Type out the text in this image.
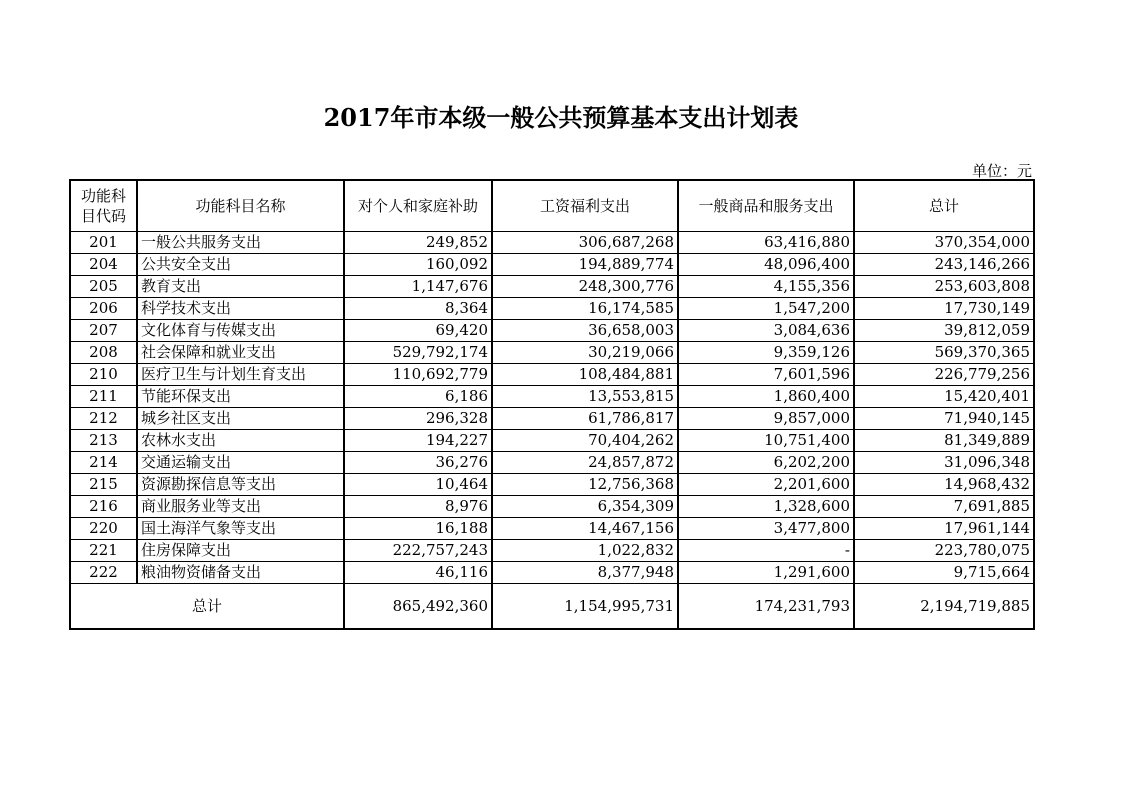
2017年市本级一般公共预算基本支出计划表
单位：元
功能科
目代码	功能科目名称	对个人和家庭补助	工资福利支出	一般商品和服务支出	总计
201	一般公共服务支出	249,852	306,687,268	63,416,880	370,354,000
204	公共安全支出	160,092	194,889,774	48,096,400	243,146,266
205	教育支出	1,147,676	248,300,776	4,155,356	253,603,808
206	科学技术支出	8,364	16,174,585	1,547,200	17,730,149
207	文化体育与传媒支出	69,420	36,658,003	3,084,636	39,812,059
208	社会保障和就业支出	529,792,174	30,219,066	9,359,126	569,370,365
210	医疗卫生与计划生育支出	110,692,779	108,484,881	7,601,596	226,779,256
211	节能环保支出	6,186	13,553,815	1,860,400	15,420,401
212	城乡社区支出	296,328	61,786,817	9,857,000	71,940,145
213	农林水支出	194,227	70,404,262	10,751,400	81,349,889
214	交通运输支出	36,276	24,857,872	6,202,200	31,096,348
215	资源勘探信息等支出	10,464	12,756,368	2,201,600	14,968,432
216	商业服务业等支出	8,976	6,354,309	1,328,600	7,691,885
220	国土海洋气象等支出	16,188	14,467,156	3,477,800	17,961,144
221	住房保障支出	222,757,243	1,022,832	-	223,780,075
222	粮油物资储备支出	46,116	8,377,948	1,291,600	9,715,664
总计		865,492,360	1,154,995,731	174,231,793	2,194,719,885
